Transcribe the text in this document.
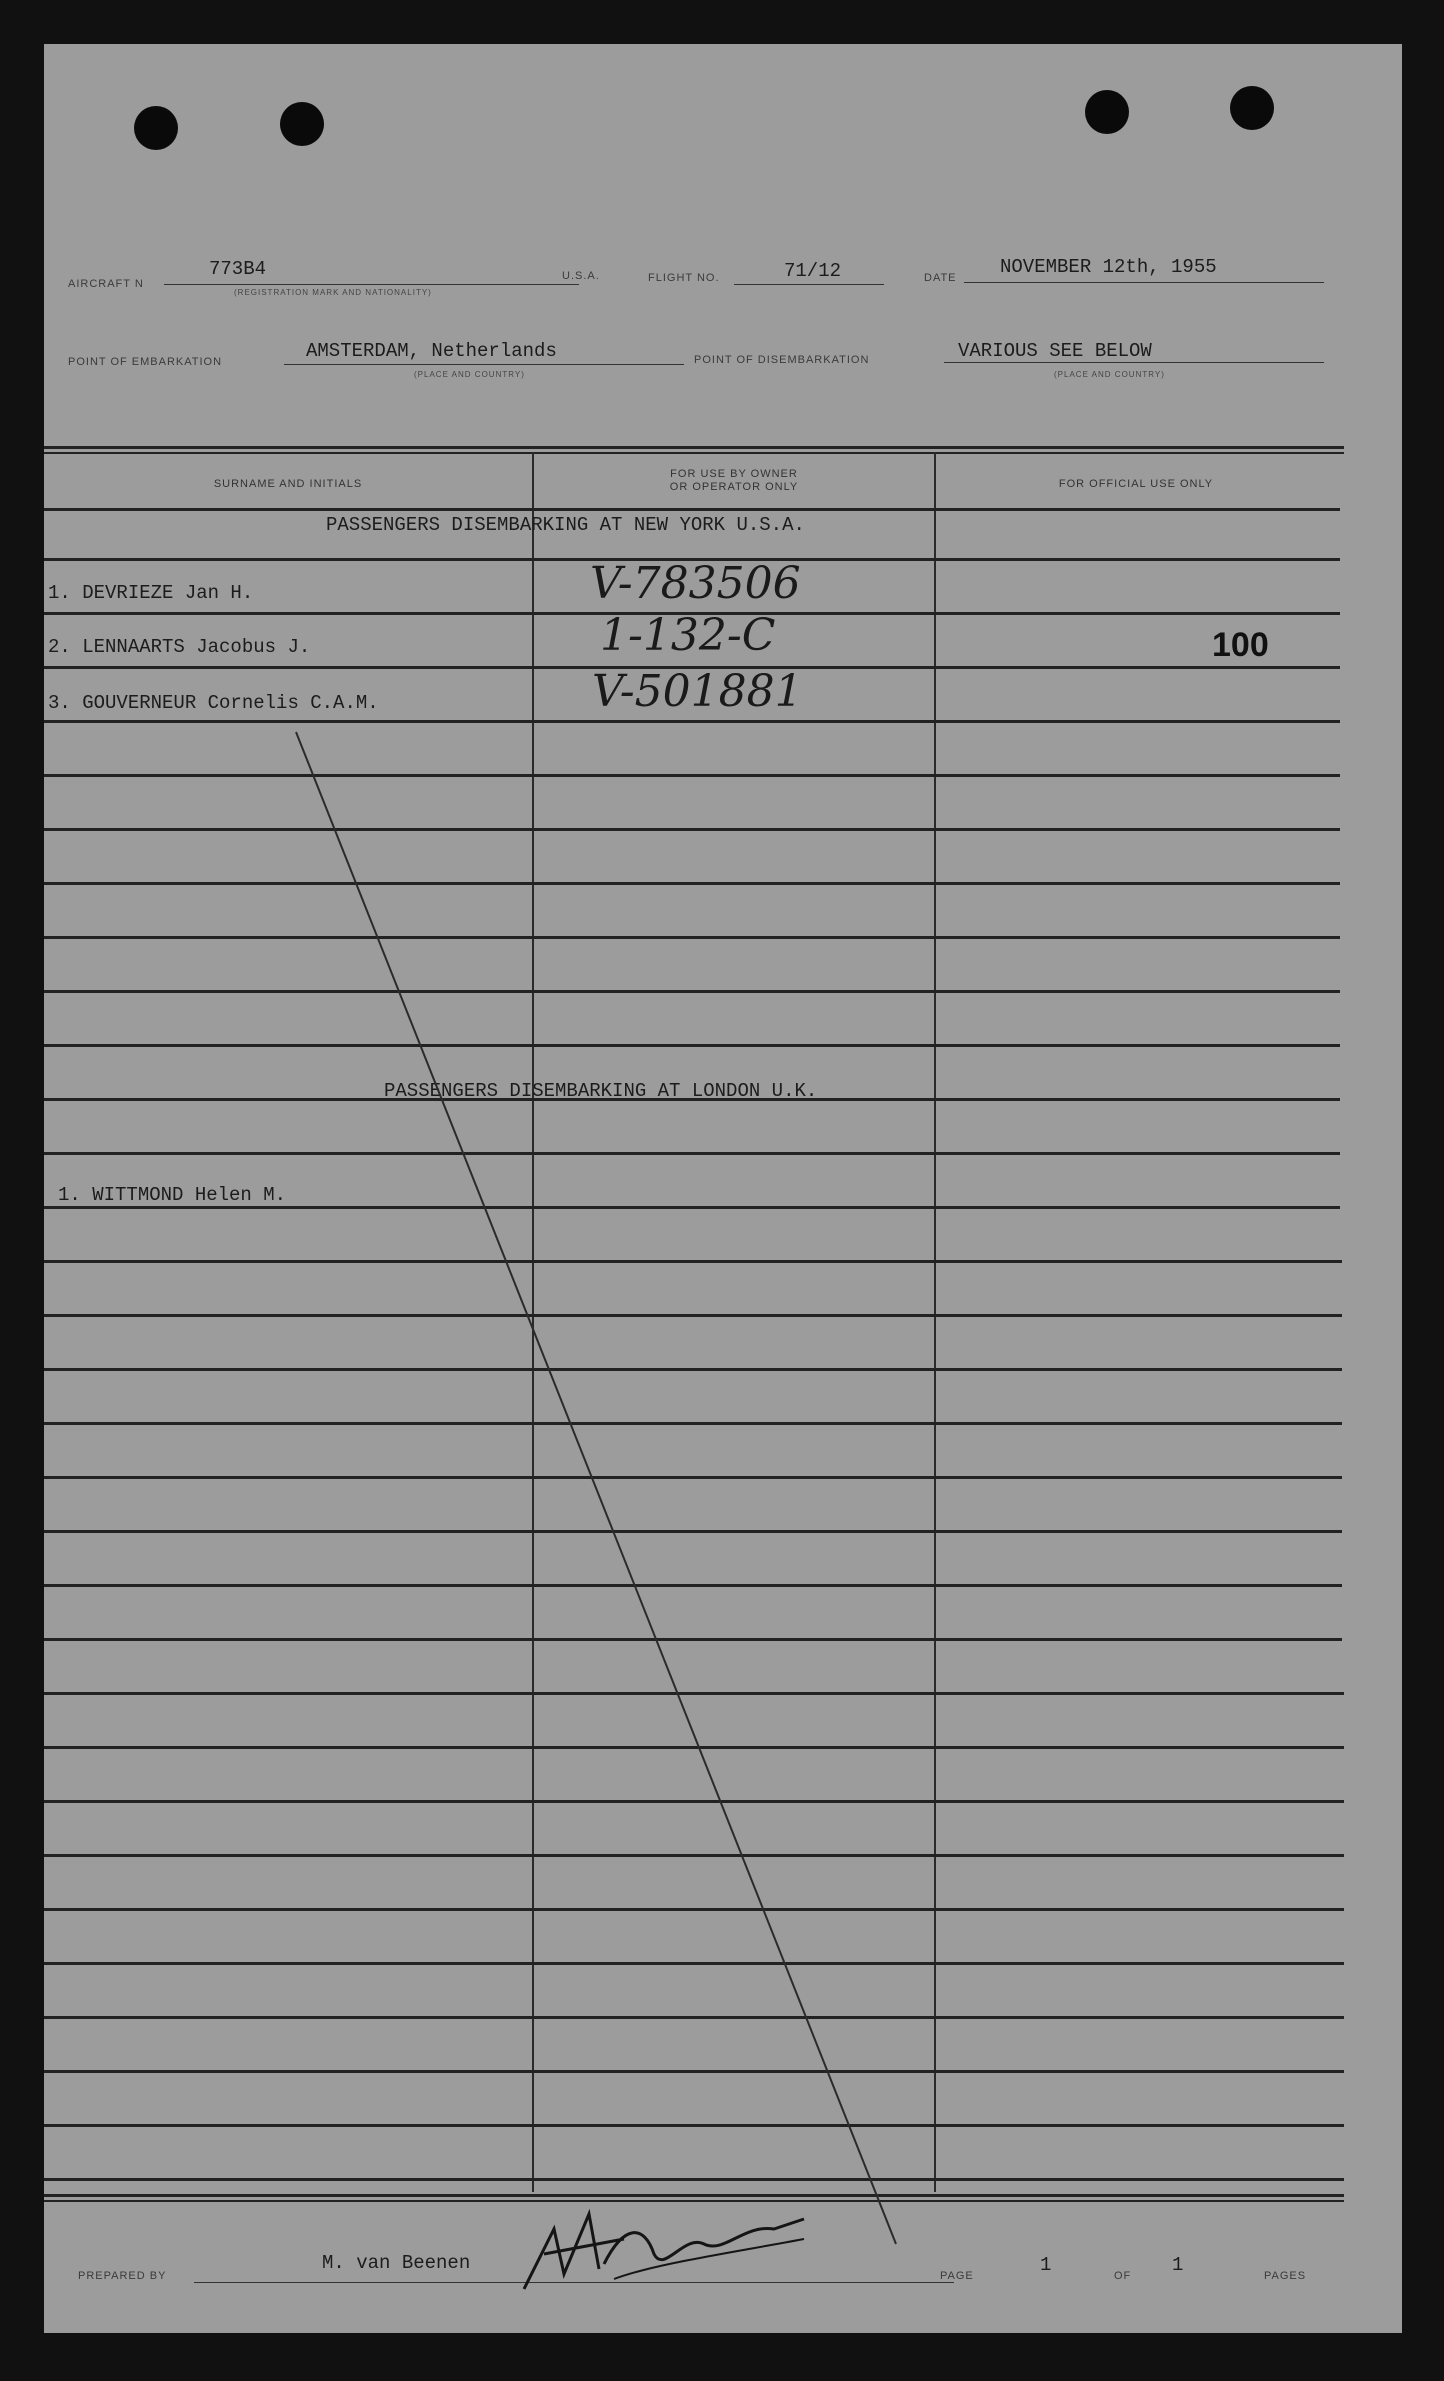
AIRCRAFT N
773B4
(REGISTRATION MARK AND NATIONALITY)
U.S.A.	FLIGHT NO.	71/12	DATE NOVEMBER 12th, 1955
POINT OF EMBARKATION	AMSTERDAM, Netherlands
(PLACE AND COUNTRY)
POINT OF DISEMBARKATION	VARIOUS SEE BELOW
(PLACE AND COUNTRY)
SURNAME AND INITIALS
FOR USE BY OWNER
OR OPERATOR ONLY	FOR OFFICIAL USE ONLY
PASSENGERS DISEMBARKING AT NEW YORK U.S.A.
1. DEVRIEZE Jan H.	V-783506
2. LENNAARTS Jacobus J.	1-132-C	100
3. GOUVERNEUR Cornelis C.A.M.	V-501881
PASSENGERS DISEMBARKING AT LONDON U.K.
1. WITTMOND Helen M.
PREPARED BY
M. van Beenen
PAGE	1	OF 1	PAGES
